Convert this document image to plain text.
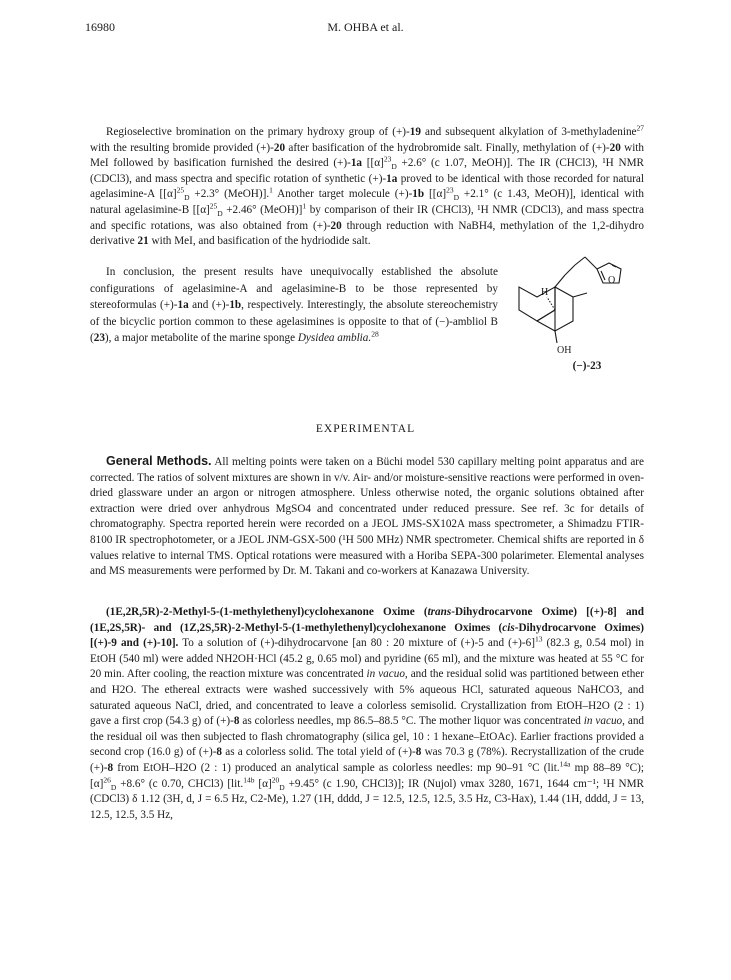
16980	M. OHBA et al.

Regioselective bromination on the primary hydroxy group of (+)-19 and subsequent alkylation of 3-methyladenine$^{27}$ with the resulting bromide provided (+)-20 after basification of the hydrobromide salt. Finally, methylation of (+)-20 with MeI followed by basification furnished the desired (+)-1a [$[\alpha]^{23}_D +2.6^\circ$ (c 1.07, MeOH)]. The IR (CHCl3), ¹H NMR (CDCl3), and mass spectra and specific rotation of synthetic (+)-1a proved to be identical with those recorded for natural agelasimine-A [$[\alpha]^{25}_D +2.3^\circ$ (MeOH)].$^1$ Another target molecule (+)-1b [$[\alpha]^{23}_D +2.1^\circ$ (c 1.43, MeOH)], identical with natural agelasimine-B [$[\alpha]^{25}_D +2.46^\circ$ (MeOH)]$^1$ by comparison of their IR (CHCl3), ¹H NMR (CDCl3), and mass spectra and specific rotations, was also obtained from (+)-20 through reduction with NaBH4, methylation of the 1,2-dihydro derivative 21 with MeI, and basification of the hydriodide salt.

In conclusion, the present results have unequivocally established the absolute configurations of agelasimine-A and agelasimine-B to be those represented by stereoformulas (+)-1a and (+)-1b, respectively. Interestingly, the absolute stereochemistry of the bicyclic portion common to these agelasimines is opposite to that of (−)-ambliol B (23), a major metabolite of the marine sponge Dysidea amblia.$^{28}$

H
OH
O
(−)-23
EXPERIMENTAL

General Methods. All melting points were taken on a Büchi model 530 capillary melting point apparatus and are corrected. The ratios of solvent mixtures are shown in v/v. Air- and/or moisture-sensitive reactions were performed in oven-dried glassware under an argon or nitrogen atmosphere. Unless otherwise noted, the organic solutions obtained after extraction were dried over anhydrous MgSO4 and concentrated under reduced pressure. See ref. 3c for details of chromatography. Spectra reported herein were recorded on a JEOL JMS-SX102A mass spectrometer, a Shimadzu FTIR-8100 IR spectrophotometer, or a JEOL JNM-GSX-500 (¹H 500 MHz) NMR spectrometer. Chemical shifts are reported in δ values relative to internal TMS. Optical rotations were measured with a Horiba SEPA-300 polarimeter. Elemental analyses and MS measurements were performed by Dr. M. Takani and co-workers at Kanazawa University.

(1E,2R,5R)-2-Methyl-5-(1-methylethenyl)cyclohexanone Oxime (trans-Dihydrocarvone Oxime) [(+)-8] and (1E,2S,5R)- and (1Z,2S,5R)-2-Methyl-5-(1-methylethenyl)cyclohexanone Oximes (cis-Dihydrocarvone Oximes) [(+)-9 and (+)-10]. To a solution of (+)-dihydrocarvone [an 80 : 20 mixture of (+)-5 and (+)-6]$^{13}$ (82.3 g, 0.54 mol) in EtOH (540 ml) were added NH2OH·HCl (45.2 g, 0.65 mol) and pyridine (65 ml), and the mixture was heated at 55 °C for 20 min. After cooling, the reaction mixture was concentrated in vacuo, and the residual solid was partitioned between ether and H2O. The ethereal extracts were washed successively with 5% aqueous HCl, saturated aqueous NaHCO3, and saturated aqueous NaCl, dried, and concentrated to leave a colorless semisolid. Crystallization from EtOH–H2O (2 : 1) gave a first crop (54.3 g) of (+)-8 as colorless needles, mp 86.5–88.5 °C. The mother liquor was concentrated in vacuo, and the residual oil was then subjected to flash chromatography (silica gel, 10 : 1 hexane–EtOAc). Earlier fractions provided a second crop (16.0 g) of (+)-8 as a colorless solid. The total yield of (+)-8 was 70.3 g (78%). Recrystallization of the crude (+)-8 from EtOH–H2O (2 : 1) produced an analytical sample as colorless needles: mp 90–91 °C (lit.$^{14a}$ mp 88–89 °C); $[\alpha]^{26}_D +8.6^\circ$ (c 0.70, CHCl3) [lit.$^{14b}$ $[\alpha]^{20}_D +9.45^\circ$ (c 1.90, CHCl3)]; IR (Nujol) νmax 3280, 1671, 1644 cm⁻¹; ¹H NMR (CDCl3) δ 1.12 (3H, d, J = 6.5 Hz, C2-Me), 1.27 (1H, dddd, J = 12.5, 12.5, 12.5, 3.5 Hz, C3-Hax), 1.44 (1H, dddd, J = 13, 12.5, 12.5, 3.5 Hz,
